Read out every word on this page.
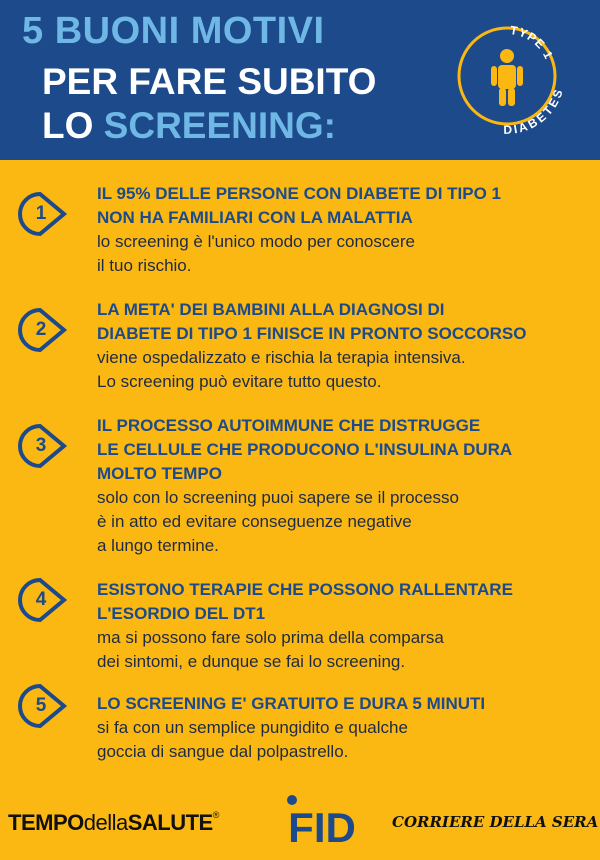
5 BUONI MOTIVI
PER FARE SUBITO
LO SCREENING:
TYPE 1
DIABETES
1
IL 95% DELLE PERSONE CON DIABETE DI TIPO 1
NON HA FAMILIARI CON LA MALATTIA
lo screening è l'unico modo per conoscere
il tuo rischio.
2
LA META' DEI BAMBINI ALLA DIAGNOSI DI
DIABETE DI TIPO 1 FINISCE IN PRONTO SOCCORSO
viene ospedalizzato e rischia la terapia intensiva.
Lo screening può evitare tutto questo.
3
IL PROCESSO AUTOIMMUNE CHE DISTRUGGE
LE CELLULE CHE PRODUCONO L'INSULINA DURA
MOLTO TEMPO
solo con lo screening puoi sapere se il processo
è in atto ed evitare conseguenze negative
a lungo termine.
4	ESISTONO TERAPIE CHE POSSONO RALLENTARE
L'ESORDIO DEL DT1
ma si possono fare solo prima della comparsa
dei sintomi, e dunque se fai lo screening.
5	LO SCREENING E' GRATUITO E DURA 5 MINUTI
si fa con un semplice pungidito e qualche
goccia di sangue dal polpastrello.
TEMPOdellaSALUTE® FID CORRIERE DELLA SERA
